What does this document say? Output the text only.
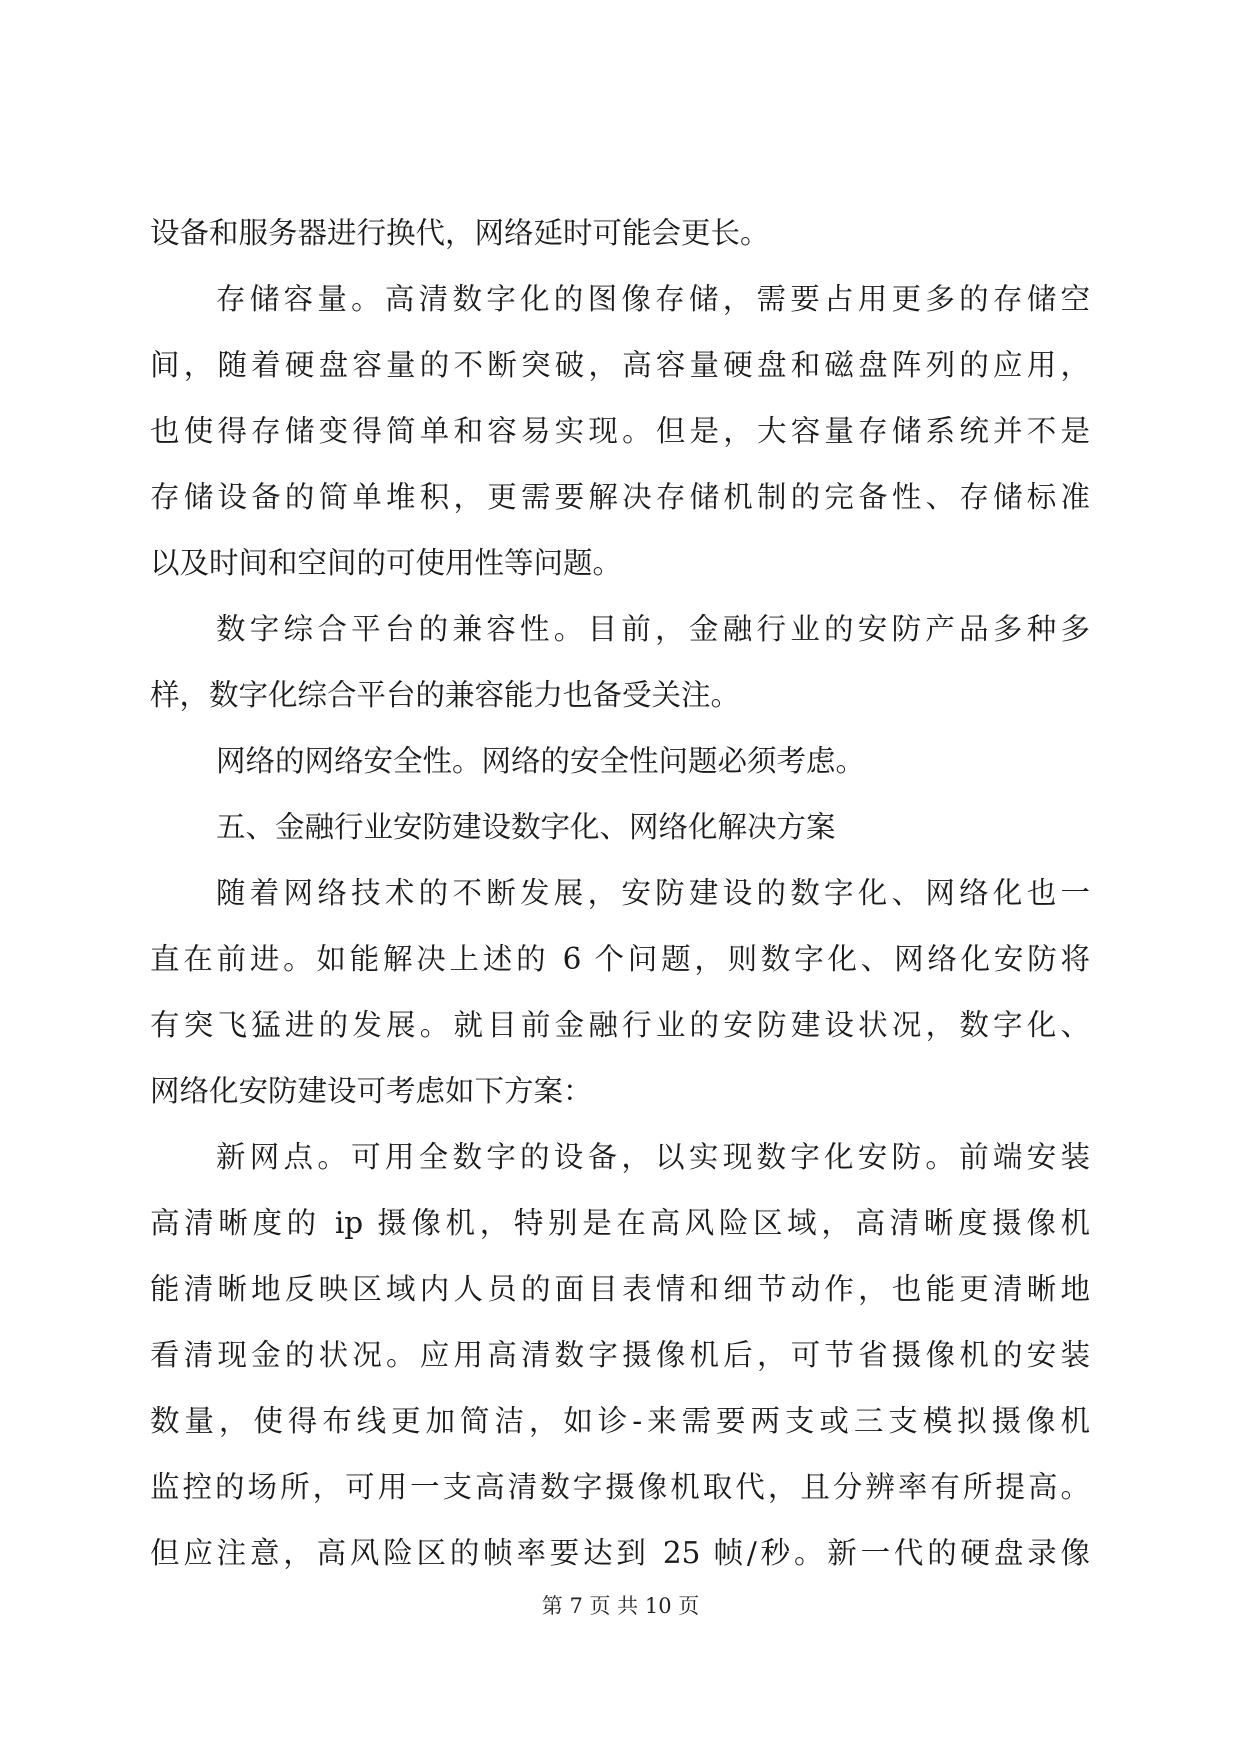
设备和服务器进行换代，网络延时可能会更长。
存储容量。高清数字化的图像存储，需要占用更多的存储空
间，随着硬盘容量的不断突破，高容量硬盘和磁盘阵列的应用，
也使得存储变得简单和容易实现。但是，大容量存储系统并不是
存储设备的简单堆积，更需要解决存储机制的完备性、存储标准
以及时间和空间的可使用性等问题。
数字综合平台的兼容性。目前，金融行业的安防产品多种多
样，数字化综合平台的兼容能力也备受关注。
网络的网络安全性。网络的安全性问题必须考虑。
五、金融行业安防建设数字化、网络化解决方案
随着网络技术的不断发展，安防建设的数字化、网络化也一
直在前进。如能解决上述的 6 个问题，则数字化、网络化安防将
有突飞猛进的发展。就目前金融行业的安防建设状况，数字化、
网络化安防建设可考虑如下方案：
新网点。可用全数字的设备，以实现数字化安防。前端安装
高清晰度的 ip 摄像机，特别是在高风险区域，高清晰度摄像机
能清晰地反映区域内人员的面目表情和细节动作，也能更清晰地
看清现金的状况。应用高清数字摄像机后，可节省摄像机的安装
数量，使得布线更加简洁，如诊-来需要两支或三支模拟摄像机
监控的场所，可用一支高清数字摄像机取代，且分辨率有所提高。
但应注意，高风险区的帧率要达到 25 帧/秒。新一代的硬盘录像
第 7 页 共 10 页
